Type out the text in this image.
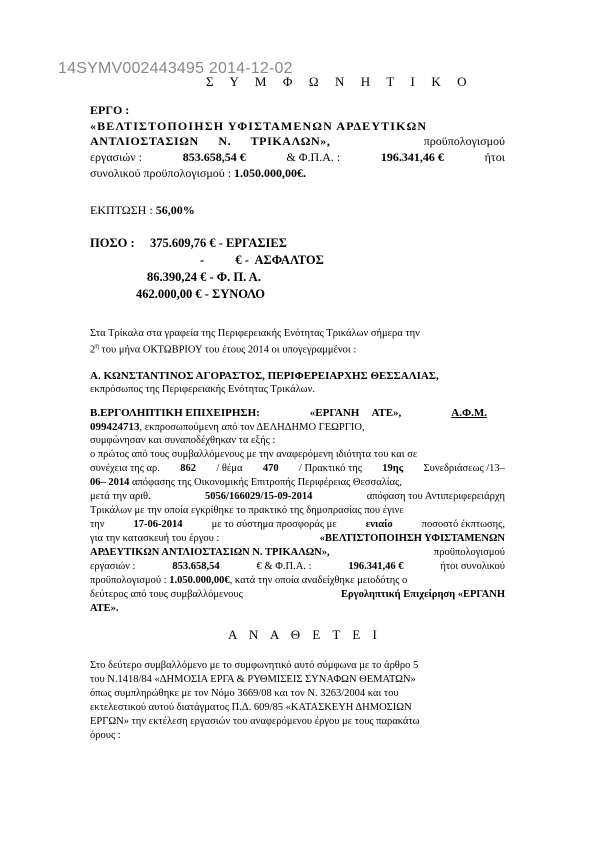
14SYMV002443495 2014-12-02
Σ Υ Μ Φ Ω Ν Η Τ Ι Κ Ο
ΕΡΓΟ :
«ΒΕΛΤΙΣΤΟΠΟΙΗΣΗ ΥΦΙΣΤΑΜΕΝΩΝ ΑΡΔΕΥΤΙΚΩΝ
ΑΝΤΛΙΟΣΤΑΣΙΩΝ Ν. ΤΡΙΚΑΛΩΝ»,	προϋπολογισμού
εργασιών :	853.658,54 €	& Φ.Π.Α. :	196.341,46 €	ήτοι
συνολικού προϋπολογισμού : 1.050.000,00€.
ΕΚΠΤΩΣΗ : 56,00%
ΠΟΣΟ : 375.609,76 € - ΕΡΓΑΣΙΕΣ
-          € -  ΑΣΦΑΛΤΟΣ
86.390,24 € - Φ. Π. Α.
462.000,00 € - ΣΥΝΟΛΟ
Στα Τρίκαλα στα γραφεία της Περιφερειακής Ενότητας Τρικάλων σήμερα την
$2^\eta$ του μήνα ΟΚΤΩΒΡΙΟΥ του έτους 2014 οι υπογεγραμμένοι :
Α. ΚΩΝΣΤΑΝΤΙΝΟΣ ΑΓΟΡΑΣΤΟΣ, ΠΕΡΙΦΕΡΕΙΑΡΧΗΣ ΘΕΣΣΑΛΙΑΣ,
εκπρόσωπος της Περιφερειακής Ενότητας Τρικάλων.
Β.ΕΡΓΟΛΗΠΤΙΚΗ ΕΠΙΧΕΙΡΗΣΗ:	«ΕΡΓΑΝΗ ΑΤΕ»,	Α.Φ.Μ.
099424713, εκπροσωπούμενη από τον ΔΕΛΗΔΗΜΟ ΓΕΩΡΓΙΟ,
συμφώνησαν και συναποδέχθηκαν τα εξής :
ο πρώτος από τους συμβαλλόμενους με την αναφερόμενη ιδιότητα του και σε
συνέχεια της αρ. 862 / θέμα 470 / Πρακτικό της 19ης Συνεδριάσεως /13–
06– 2014 απόφασης της Οικονομικής Επιτροπής Περιφέρειας Θεσσαλίας,
μετά την αριθ.	5056/166029/15-09-2014	απόφαση του Αντιπεριφερειάρχη
Τρικάλων με την οποία εγκρίθηκε το πρακτικό της δημοπρασίας που έγινε
την	17-06-2014	με το σύστημα προσφοράς με	ενιαίο	ποσοστό έκπτωσης,
για την κατασκευή του έργου :	«ΒΕΛΤΙΣΤΟΠΟΙΗΣΗ ΥΦΙΣΤΑΜΕΝΩΝ
ΑΡΔΕΥΤΙΚΩΝ ΑΝΤΛΙΟΣΤΑΣΙΩΝ Ν. ΤΡΙΚΑΛΩΝ»,	προϋπολογισμού
εργασιών :	853.658,54	€ & Φ.Π.Α. :	196.341,46 €	ήτοι συνολικού
προϋπολογισμού : 1.050.000,00€, κατά την οποία αναδείχθηκε μειοδότης ο
δεύτερος από τους συμβαλλόμενους	Εργοληπτική Επιχείρηση «ΕΡΓΑΝΗ
ΑΤΕ».
Α Ν Α Θ Ε Τ Ε Ι
Στο δεύτερο συμβαλλόμενο με το συμφωνητικό αυτό σύμφωνα με το άρθρο 5
του Ν.1418/84 «ΔΗΜΟΣΙΑ ΕΡΓΑ & ΡΥΘΜΙΣΕΙΣ ΣΥΝΑΦΩΝ ΘΕΜΑΤΩΝ»
όπως συμπληρώθηκε με τον Νόμο 3669/08 και τον Ν. 3263/2004 και του
εκτελεστικού αυτού διατάγματος Π.Δ. 609/85 «ΚΑΤΑΣΚΕΥΗ ΔΗΜΟΣΙΩΝ
ΕΡΓΩΝ» την εκτέλεση εργασιών του αναφερόμενου έργου με τους παρακάτω
όρους :
